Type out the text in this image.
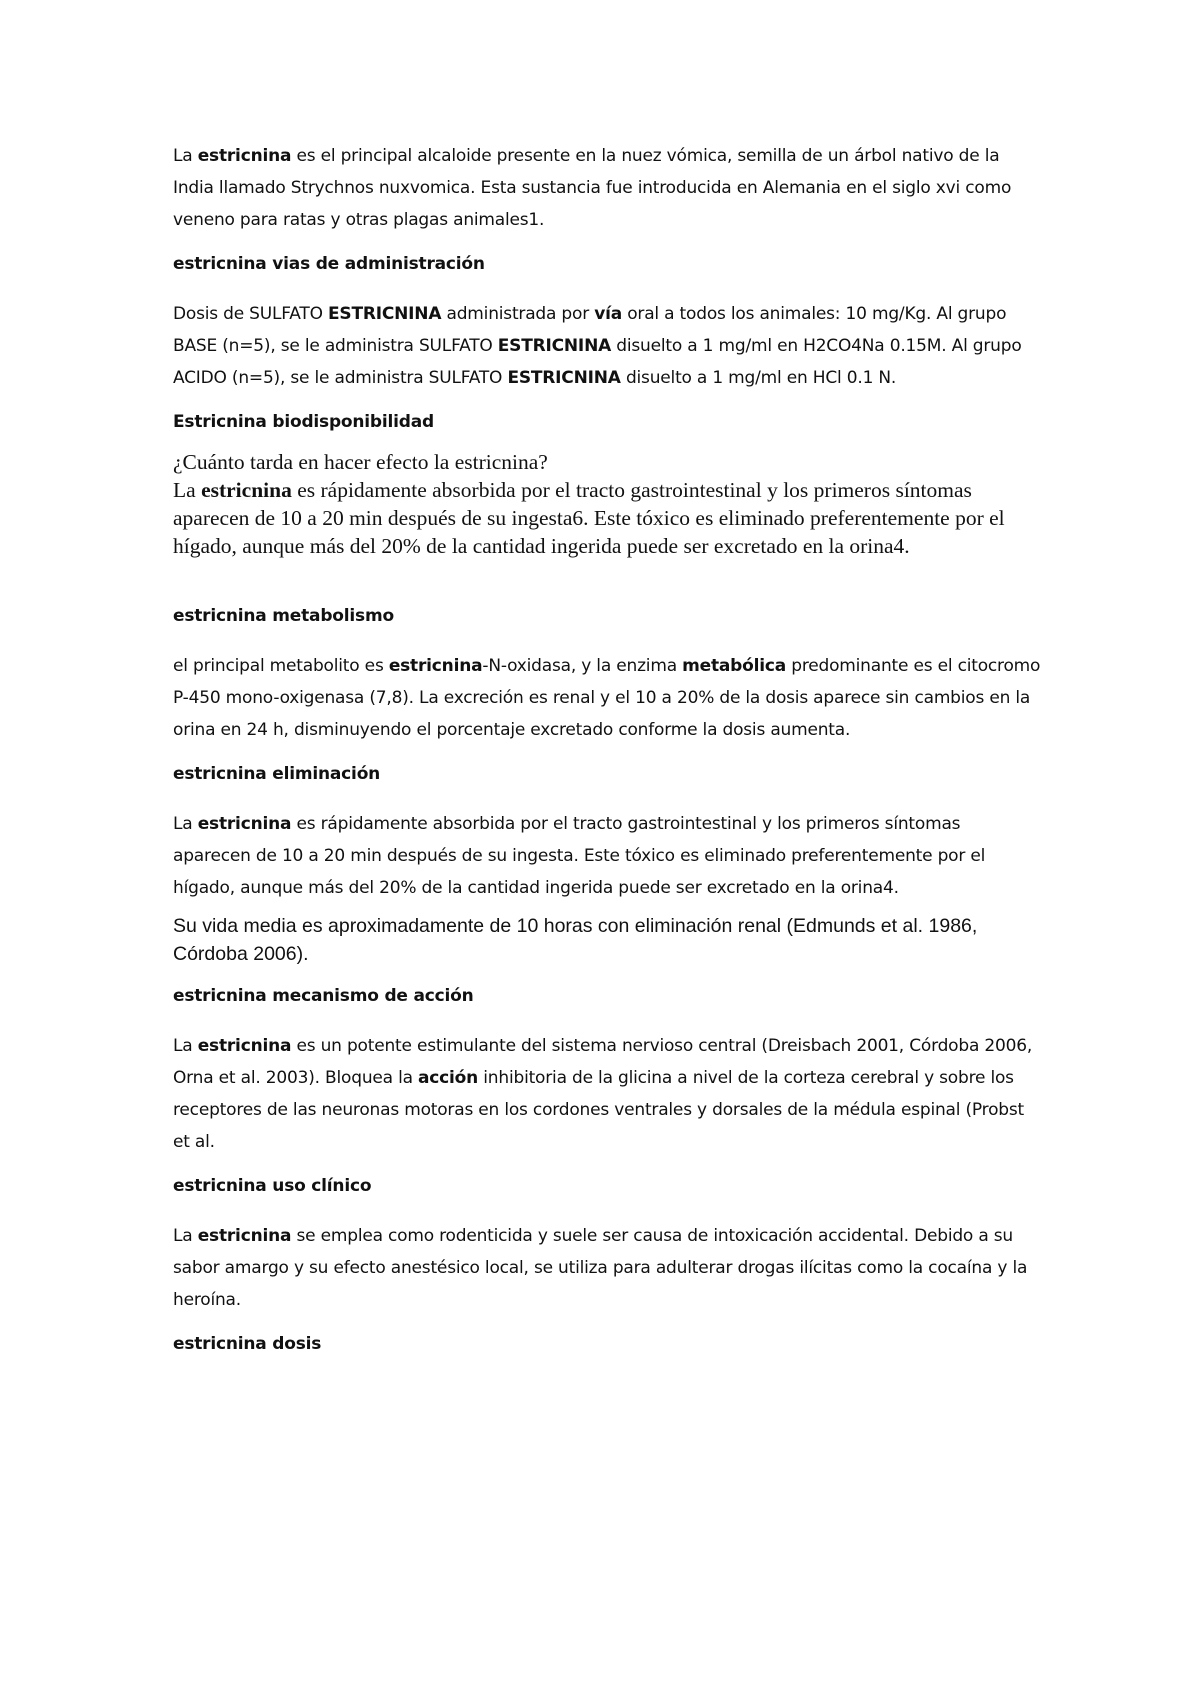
La estricnina es el principal alcaloide presente en la nuez vómica, semilla de un árbol nativo de la India llamado Strychnos nuxvomica. Esta sustancia fue introducida en Alemania en el siglo xvi como veneno para ratas y otras plagas animales1.

estricnina vias de administración

Dosis de SULFATO ESTRICNINA administrada por vía oral a todos los animales: 10 mg/Kg. Al grupo BASE (n=5), se le administra SULFATO ESTRICNINA disuelto a 1 mg/ml en H2CO4Na 0.15M. Al grupo ACIDO (n=5), se le administra SULFATO ESTRICNINA disuelto a 1 mg/ml en HCl 0.1 N.

Estricnina biodisponibilidad

¿Cuánto tarda en hacer efecto la estricnina?

La estricnina es rápidamente absorbida por el tracto gastrointestinal y los primeros síntomas aparecen de 10 a 20 min después de su ingesta6. Este tóxico es eliminado preferentemente por el hígado, aunque más del 20% de la cantidad ingerida puede ser excretado en la orina4.

estricnina metabolismo

el principal metabolito es estricnina-N-oxidasa, y la enzima metabólica predominante es el citocromo P-450 mono-oxigenasa (7,8). La excreción es renal y el 10 a 20% de la dosis aparece sin cambios en la orina en 24 h, disminuyendo el porcentaje excretado conforme la dosis aumenta.

estricnina eliminación

La estricnina es rápidamente absorbida por el tracto gastrointestinal y los primeros síntomas aparecen de 10 a 20 min después de su ingesta. Este tóxico es eliminado preferentemente por el hígado, aunque más del 20% de la cantidad ingerida puede ser excretado en la orina4.

Su vida media es aproximadamente de 10 horas con eliminación renal (Edmunds et al. 1986, Córdoba 2006).

estricnina mecanismo de acción

La estricnina es un potente estimulante del sistema nervioso central (Dreisbach 2001, Córdoba 2006, Orna et al. 2003). Bloquea la acción inhibitoria de la glicina a nivel de la corteza cerebral y sobre los receptores de las neuronas motoras en los cordones ventrales y dorsales de la médula espinal (Probst et al.

estricnina uso clínico

La estricnina se emplea como rodenticida y suele ser causa de intoxicación accidental. Debido a su sabor amargo y su efecto anestésico local, se utiliza para adulterar drogas ilícitas como la cocaína y la heroína.

estricnina dosis
